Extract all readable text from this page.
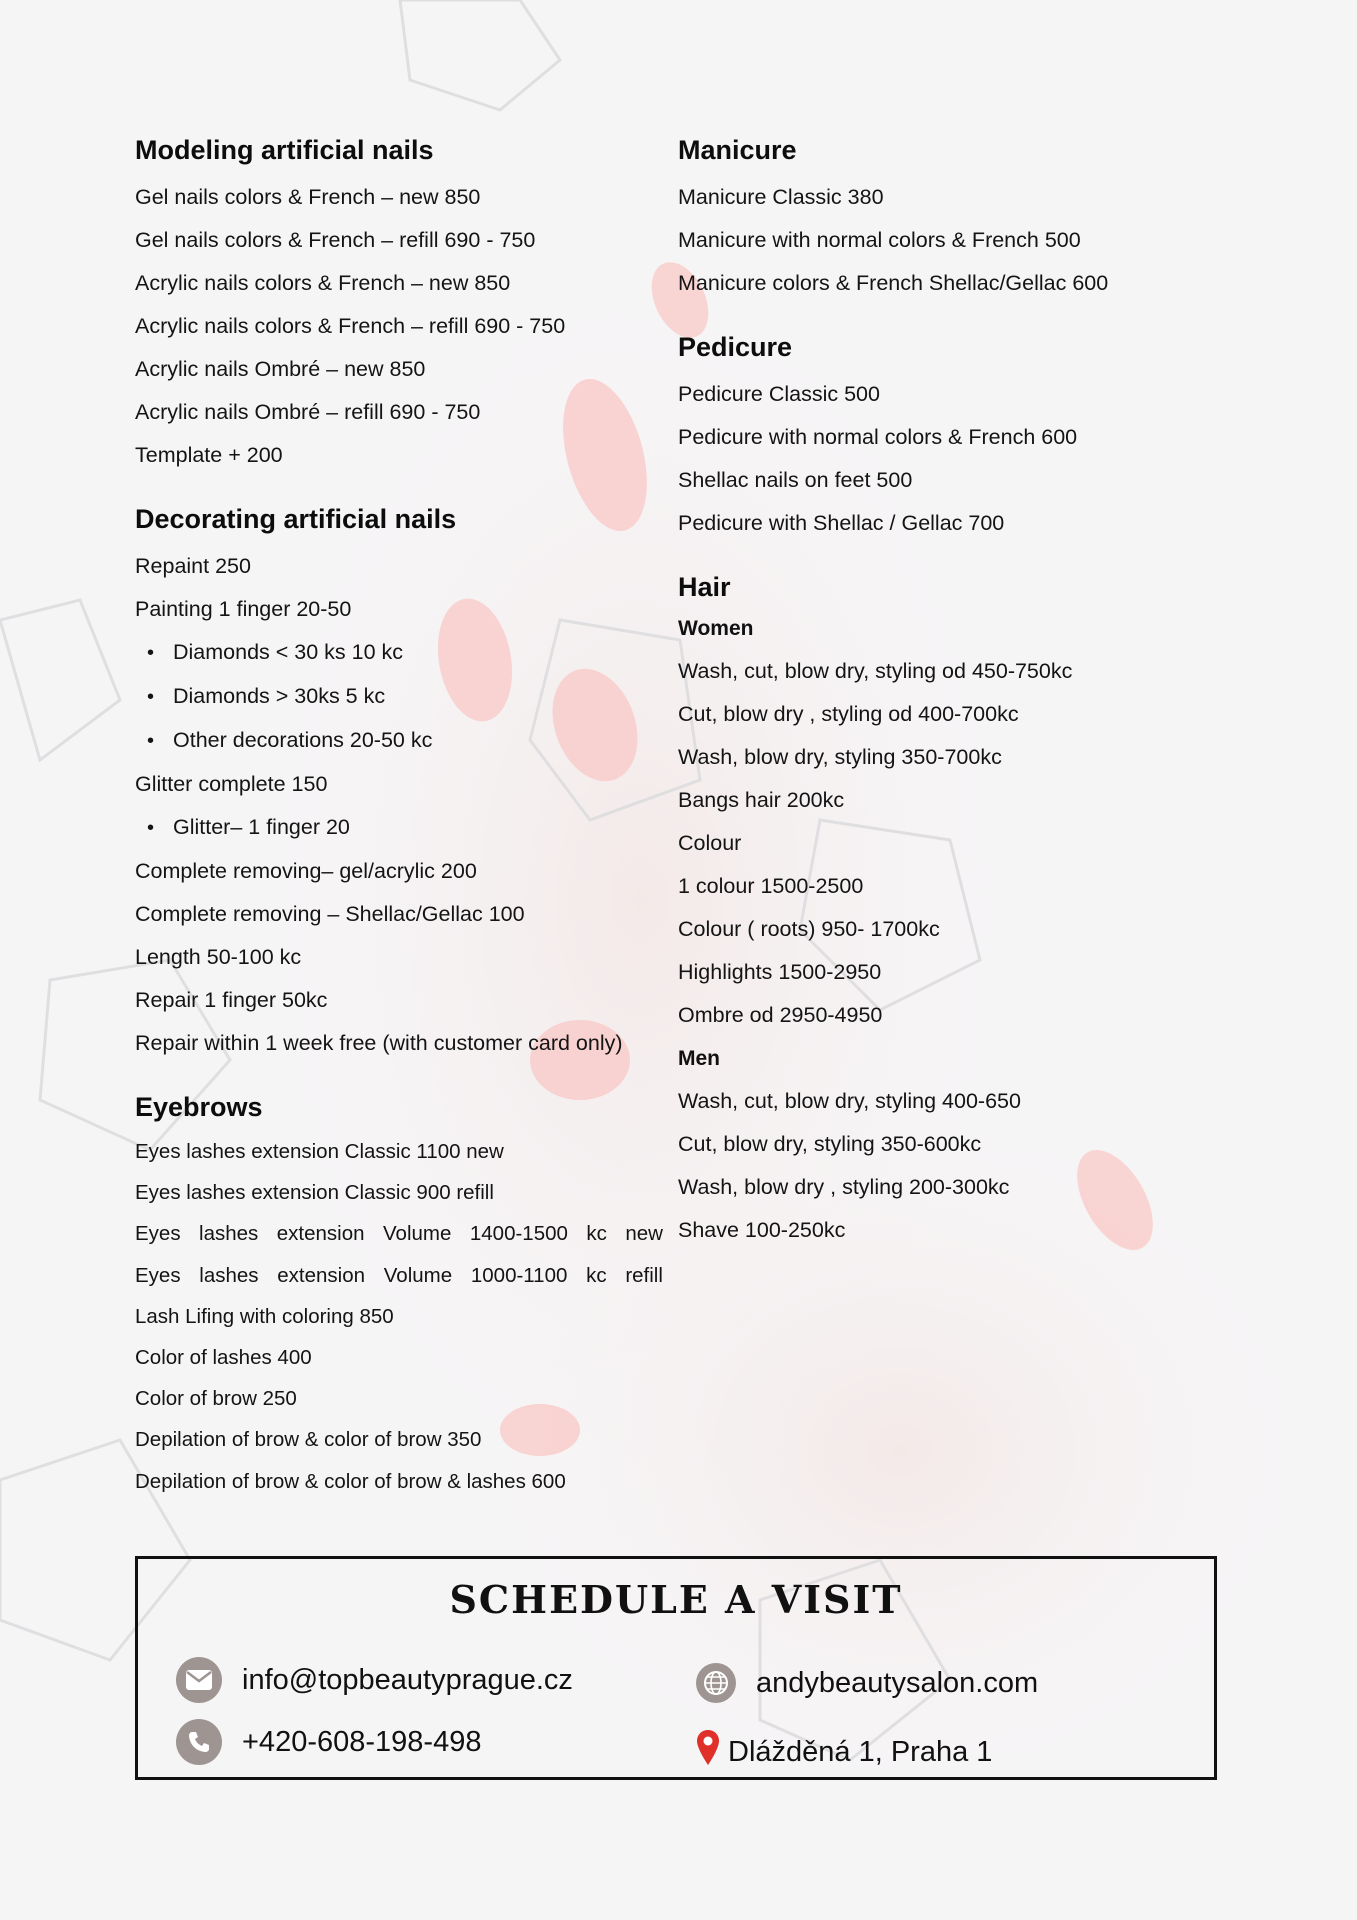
Modeling artificial nails
Gel nails colors & French – new 850
Gel nails colors & French – refill 690 - 750
Acrylic nails colors & French – new 850
Acrylic nails colors & French – refill 690 - 750
Acrylic nails Ombré – new 850
Acrylic nails Ombré – refill 690 - 750
Template + 200
Decorating artificial nails
Repaint 250
Painting 1 finger 20-50
• Diamonds < 30 ks 10 kc
• Diamonds > 30ks 5 kc
• Other decorations 20-50 kc
Glitter complete 150
• Glitter– 1 finger 20
Complete removing– gel/acrylic 200
Complete removing – Shellac/Gellac 100
Length 50-100 kc
Repair 1 finger 50kc
Repair within 1 week free (with customer card only)
Eyebrows
Eyes lashes extension Classic 1100 new
Eyes lashes extension Classic 900 refill
Eyes lashes extension Volume 1400-1500 kc new
Eyes lashes extension Volume 1000-1100 kc refill
Lash Lifing with coloring 850
Color of lashes 400
Color of brow 250
Depilation of brow & color of brow 350
Depilation of brow & color of brow & lashes 600
Manicure
Manicure Classic 380
Manicure with normal colors & French 500
Manicure colors & French Shellac/Gellac 600
Pedicure
Pedicure Classic 500
Pedicure with normal colors & French 600
Shellac nails on feet 500
Pedicure with Shellac / Gellac 700
Hair
Women
Wash, cut, blow dry, styling od 450-750kc
Cut, blow dry , styling od 400-700kc
Wash, blow dry, styling 350-700kc
Bangs hair 200kc
Colour
1 colour 1500-2500
Colour ( roots) 950- 1700kc
Highlights 1500-2950
Ombre od 2950-4950
Men
Wash, cut, blow dry, styling 400-650
Cut, blow dry, styling 350-600kc
Wash, blow dry , styling 200-300kc
Shave 100-250kc
SCHEDULE A VISIT
info@topbeautyprague.cz
+420-608-198-498
andybeautysalon.com
Dlážděná 1, Praha 1
